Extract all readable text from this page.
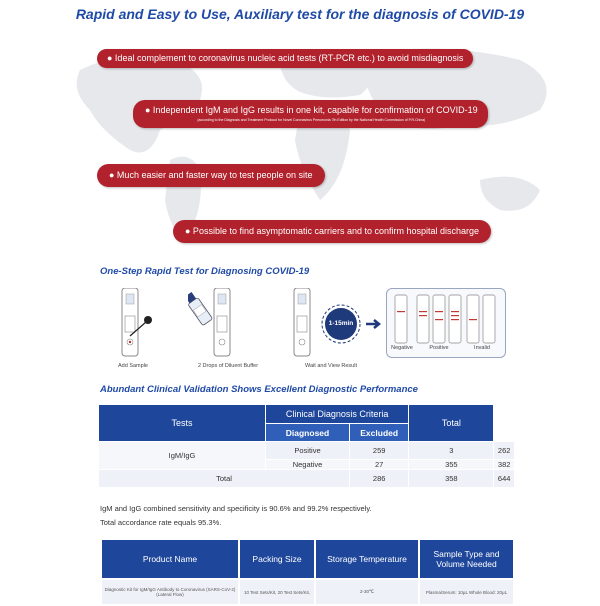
Rapid and Easy to Use, Auxiliary test for the diagnosis of COVID-19
● Ideal complement to coronavirus nucleic acid tests (RT-PCR etc.) to avoid misdiagnosis
● Independent IgM and IgG results in one kit, capable for confirmation of COVID-19
(according to the Diagnosis and Treatment Protocol for Novel Coronavirus Pneumonia 7th Edition by the National Health Commission of P.R.China)
● Much easier and faster way to test people on site
● Possible to find asymptomatic carriers and to confirm hospital discharge
One-Step Rapid Test for Diagnosing COVID-19
Add Sample	2 Drops of Diluent Buffer
1-15min
Wait and View Result
Negative	Positive	Invalid
Abundant Clinical Validation Shows Excellent Diagnostic Performance
Tests	Clinical Diagnosis Criteria		Total	
	Diagnosed	Excluded		
IgM/IgG	Positive	259	3	262
	Negative	27	355	382
Total		286	358	644
IgM and IgG combined sensitivity and specificity is 90.6% and 99.2% respectively.
Total accordance rate equals 95.3%.
Product Name	Packing Size	Storage Temperature	Sample Type and Volume Needed
Diagnostic Kit for IgM/IgG Antibody to Coronavirus (SARS-CoV-2)(Lateral Flow)	10 Test Sets/Kit, 20 Test Sets/Kit,	2-30℃	Plasma/Serum: 10μL Whole Blood: 20μL
